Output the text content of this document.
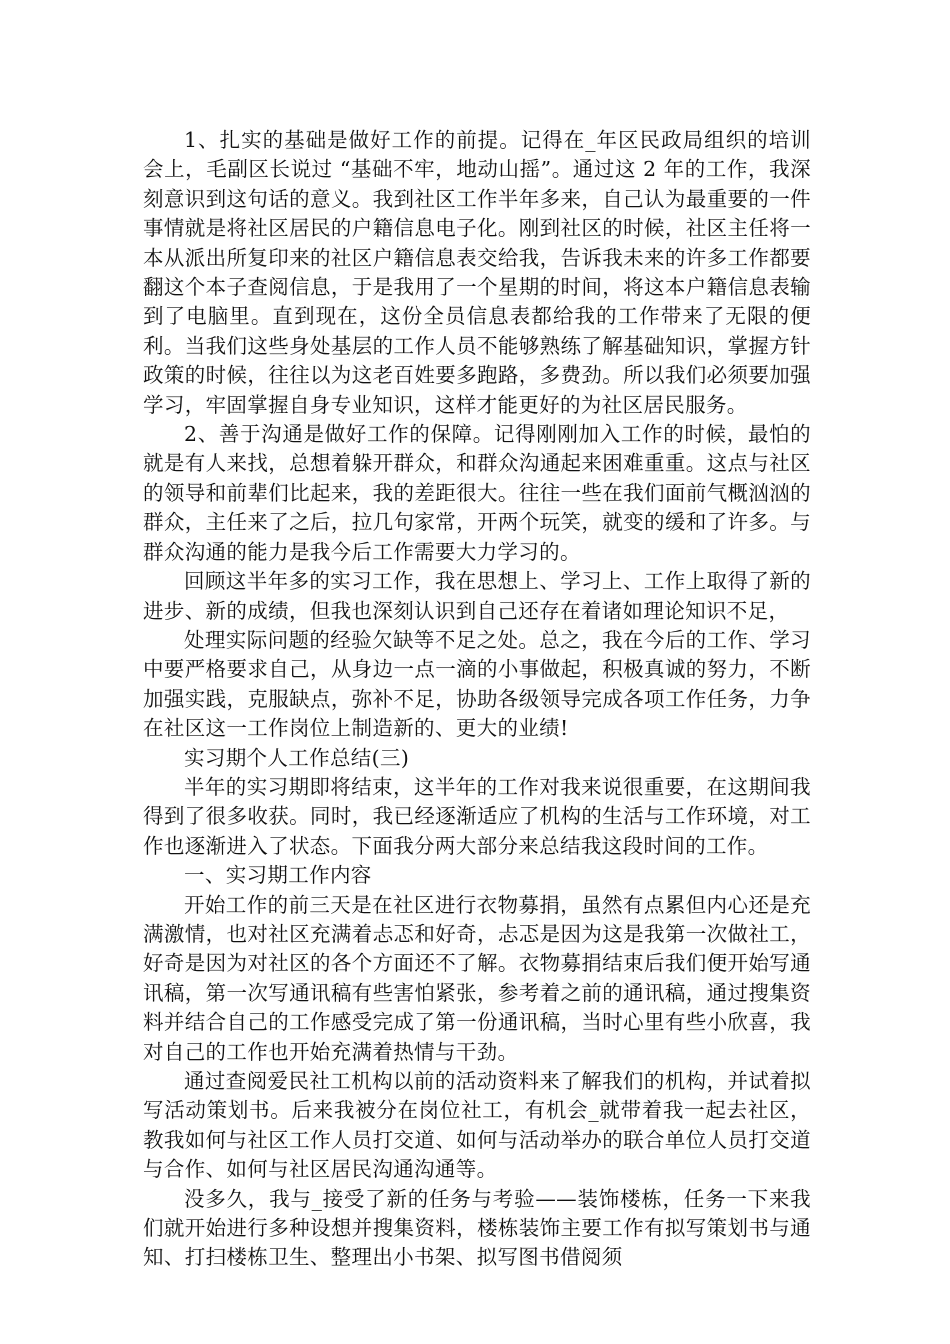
1、扎实的基础是做好工作的前提。记得在_年区民政局组织的培训会上，毛副区长说过 “基础不牢，地动山摇”。通过这 2 年的工作，我深刻意识到这句话的意义。我到社区工作半年多来，自己认为最重要的一件事情就是将社区居民的户籍信息电子化。刚到社区的时候，社区主任将一本从派出所复印来的社区户籍信息表交给我，告诉我未来的许多工作都要翻这个本子查阅信息，于是我用了一个星期的时间，将这本户籍信息表输到了电脑里。直到现在，这份全员信息表都给我的工作带来了无限的便利。当我们这些身处基层的工作人员不能够熟练了解基础知识，掌握方针政策的时候，往往以为这老百姓要多跑路，多费劲。所以我们必须要加强学习，牢固掌握自身专业知识，这样才能更好的为社区居民服务。

2、善于沟通是做好工作的保障。记得刚刚加入工作的时候，最怕的就是有人来找，总想着躲开群众，和群众沟通起来困难重重。这点与社区的领导和前辈们比起来，我的差距很大。往往一些在我们面前气概汹汹的群众，主任来了之后，拉几句家常，开两个玩笑，就变的缓和了许多。与群众沟通的能力是我今后工作需要大力学习的。

回顾这半年多的实习工作，我在思想上、学习上、工作上取得了新的进步、新的成绩，但我也深刻认识到自己还存在着诸如理论知识不足，

处理实际问题的经验欠缺等不足之处。总之，我在今后的工作、学习中要严格要求自己，从身边一点一滴的小事做起，积极真诚的努力，不断加强实践，克服缺点，弥补不足，协助各级领导完成各项工作任务，力争在社区这一工作岗位上制造新的、更大的业绩!

实习期个人工作总结(三)

半年的实习期即将结束，这半年的工作对我来说很重要，在这期间我得到了很多收获。同时，我已经逐渐适应了机构的生活与工作环境，对工作也逐渐进入了状态。下面我分两大部分来总结我这段时间的工作。

一、实习期工作内容

开始工作的前三天是在社区进行衣物募捐，虽然有点累但内心还是充满激情，也对社区充满着忐忑和好奇，忐忑是因为这是我第一次做社工，好奇是因为对社区的各个方面还不了解。衣物募捐结束后我们便开始写通讯稿，第一次写通讯稿有些害怕紧张，参考着之前的通讯稿，通过搜集资料并结合自己的工作感受完成了第一份通讯稿，当时心里有些小欣喜，我对自己的工作也开始充满着热情与干劲。

通过查阅爱民社工机构以前的活动资料来了解我们的机构，并试着拟写活动策划书。后来我被分在岗位社工，有机会_就带着我一起去社区，教我如何与社区工作人员打交道、如何与活动举办的联合单位人员打交道与合作、如何与社区居民沟通沟通等。

没多久，我与_接受了新的任务与考验——装饰楼栋，任务一下来我们就开始进行多种设想并搜集资料，楼栋装饰主要工作有拟写策划书与通知、打扫楼栋卫生、整理出小书架、拟写图书借阅须
